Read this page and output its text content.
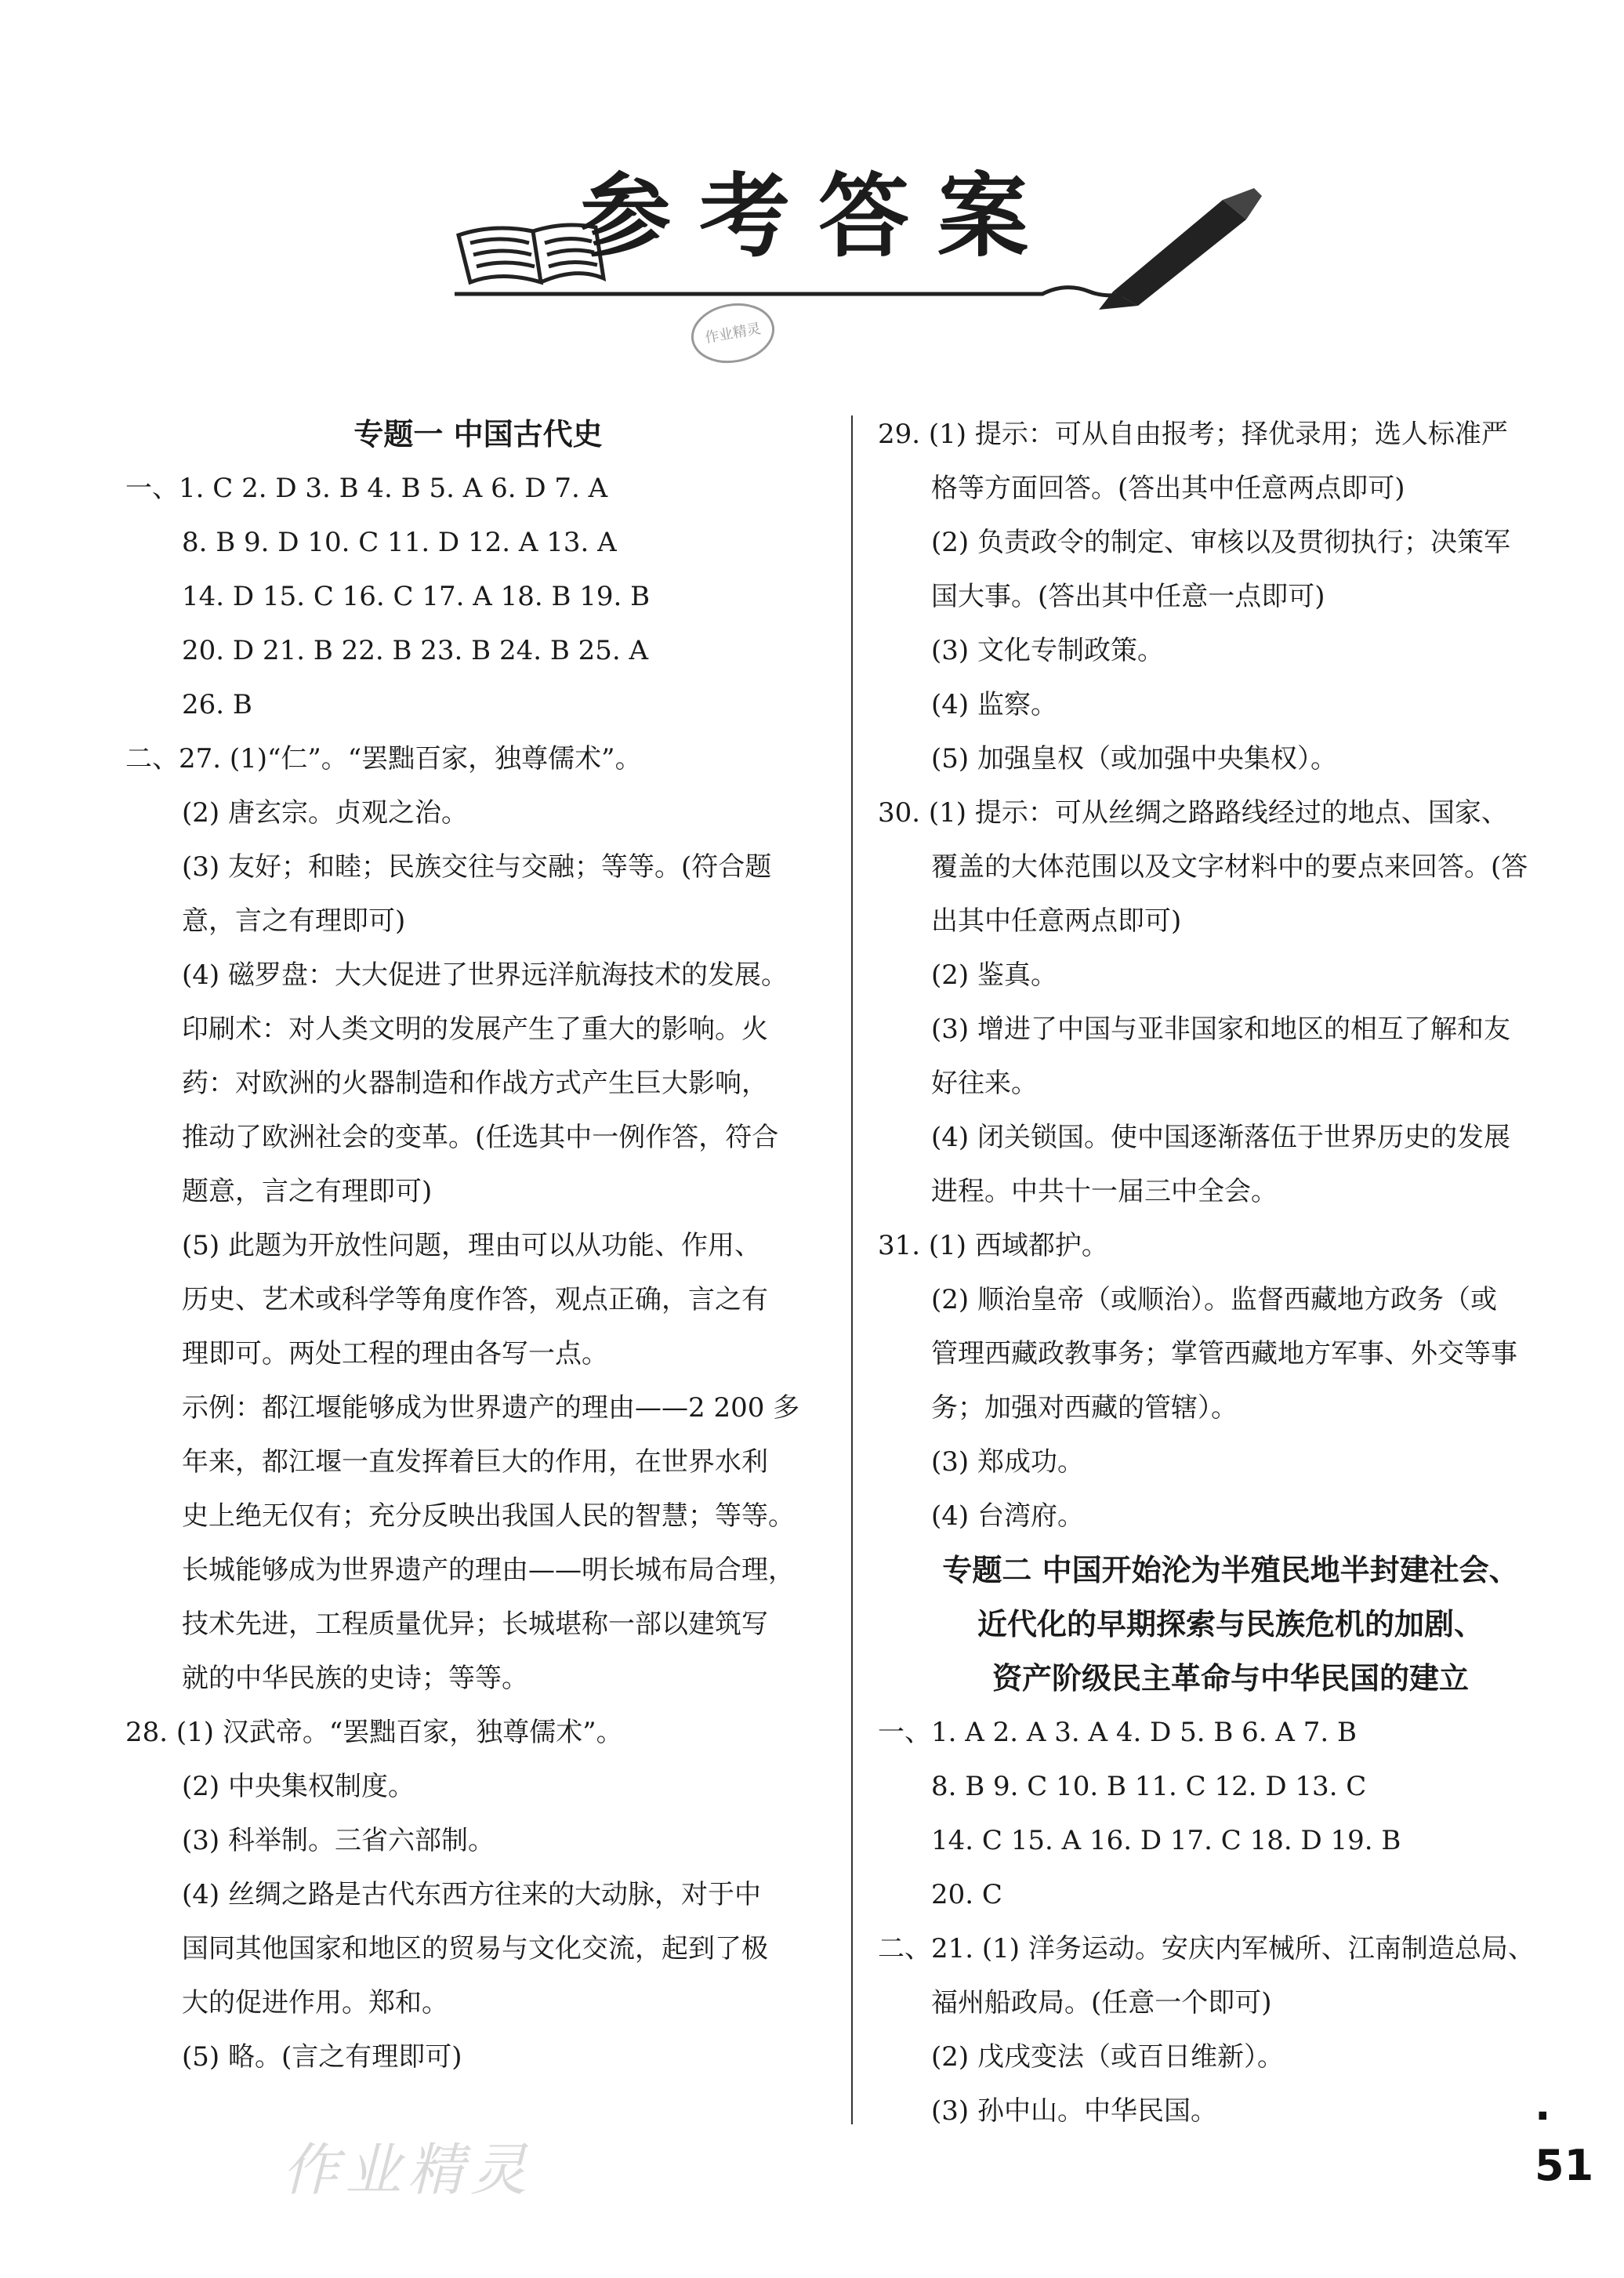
作业精灵
参考答案
专题一 中国古代史
一、1. C 2. D 3. B 4. B 5. A 6. D 7. A
8. B 9. D 10. C 11. D 12. A 13. A
14. D 15. C 16. C 17. A 18. B 19. B
20. D 21. B 22. B 23. B 24. B 25. A
26. B
二、27. (1)“仁”。“罢黜百家，独尊儒术”。
(2) 唐玄宗。贞观之治。
(3) 友好；和睦；民族交往与交融；等等。(符合题
意，言之有理即可)
(4) 磁罗盘：大大促进了世界远洋航海技术的发展。
印刷术：对人类文明的发展产生了重大的影响。火
药：对欧洲的火器制造和作战方式产生巨大影响，
推动了欧洲社会的变革。(任选其中一例作答，符合
题意，言之有理即可)
(5) 此题为开放性问题，理由可以从功能、作用、
历史、艺术或科学等角度作答，观点正确，言之有
理即可。两处工程的理由各写一点。
示例：都江堰能够成为世界遗产的理由——2 200 多
年来，都江堰一直发挥着巨大的作用，在世界水利
史上绝无仅有；充分反映出我国人民的智慧；等等。
长城能够成为世界遗产的理由——明长城布局合理，
技术先进，工程质量优异；长城堪称一部以建筑写
就的中华民族的史诗；等等。
28. (1) 汉武帝。“罢黜百家，独尊儒术”。
(2) 中央集权制度。
(3) 科举制。三省六部制。
(4) 丝绸之路是古代东西方往来的大动脉，对于中
国同其他国家和地区的贸易与文化交流，起到了极
大的促进作用。郑和。
(5) 略。(言之有理即可)
29. (1) 提示：可从自由报考；择优录用；选人标准严
格等方面回答。(答出其中任意两点即可)
(2) 负责政令的制定、审核以及贯彻执行；决策军
国大事。(答出其中任意一点即可)
(3) 文化专制政策。
(4) 监察。
(5) 加强皇权（或加强中央集权）。
30. (1) 提示：可从丝绸之路路线经过的地点、国家、
覆盖的大体范围以及文字材料中的要点来回答。(答
出其中任意两点即可)
(2) 鉴真。
(3) 增进了中国与亚非国家和地区的相互了解和友
好往来。
(4) 闭关锁国。使中国逐渐落伍于世界历史的发展
进程。中共十一届三中全会。
31. (1) 西域都护。
(2) 顺治皇帝（或顺治）。监督西藏地方政务（或
管理西藏政教事务；掌管西藏地方军事、外交等事
务；加强对西藏的管辖）。
(3) 郑成功。
(4) 台湾府。
专题二 中国开始沦为半殖民地半封建社会、
近代化的早期探索与民族危机的加剧、
资产阶级民主革命与中华民国的建立
一、1. A 2. A 3. A 4. D 5. B 6. A 7. B
8. B 9. C 10. B 11. C 12. D 13. C
14. C 15. A 16. D 17. C 18. D 19. B
20. C
二、21. (1) 洋务运动。安庆内军械所、江南制造总局、
福州船政局。(任意一个即可)
(2) 戊戌变法（或百日维新）。
(3) 孙中山。中华民国。	· 51
作业精灵
